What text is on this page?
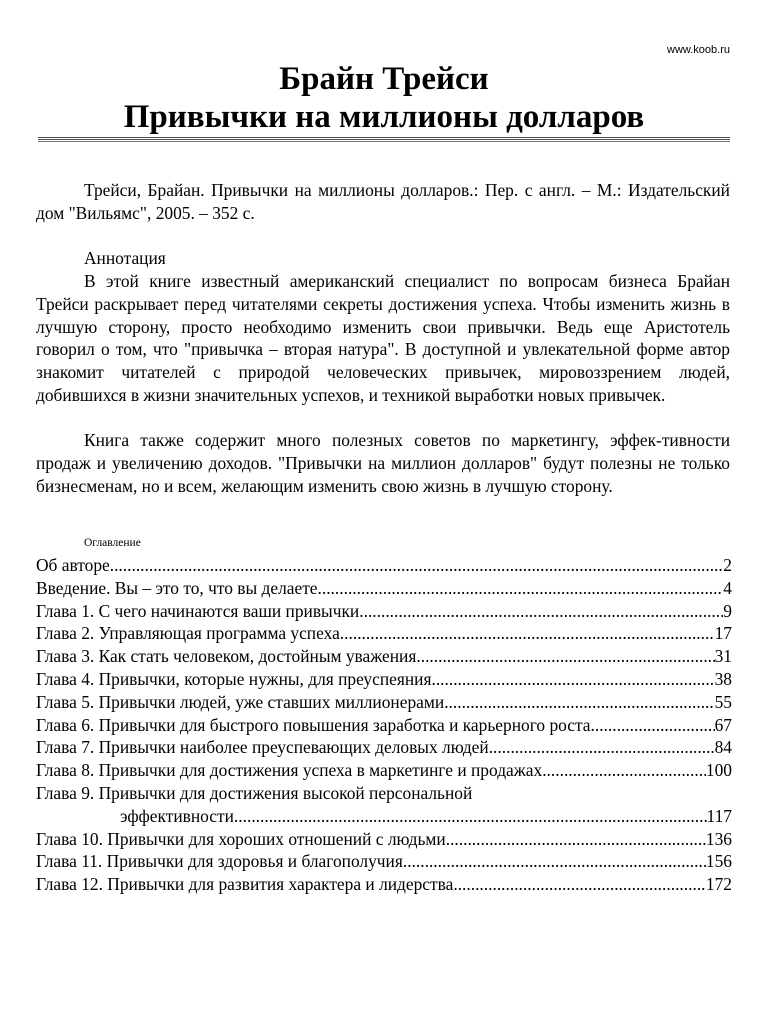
www.koob.ru
Брайн Трейси
Привычки на миллионы долларов
Трейси, Брайан. Привычки на миллионы долларов.: Пер. с англ. – М.: Издательский дом "Вильямс", 2005. – 352 с.
Аннотация
В этой книге известный американский специалист по вопросам бизнеса Брайан Трейси раскрывает перед читателями секреты достижения успеха. Чтобы изменить жизнь в лучшую сторону, просто необходимо изменить свои привычки. Ведь еще Аристотель говорил о том, что "привычка – вторая натура". В доступной и увлекательной форме автор знакомит читателей с природой человеческих привычек, мировоззрением людей, добившихся в жизни значительных успехов, и техникой выработки новых привычек.
Книга также содержит много полезных советов по маркетингу, эффек-тивности продаж и увеличению доходов. "Привычки на миллион долларов" будут полезны не только бизнесменам, но и всем, желающим изменить свою жизнь в лучшую сторону.
Оглавление
Об авторе .....	2
Введение. Вы – это то, что вы делаете .....	4
Глава 1. С чего начинаются ваши привычки .....	9
Глава 2. Управляющая программа успеха .....	17
Глава 3. Как стать человеком, достойным уважения .....	31
Глава 4. Привычки, которые нужны, для преуспеяния .....	38
Глава 5. Привычки людей, уже ставших миллионерами .....	55
Глава 6. Привычки для быстрого повышения заработка и карьерного роста .....	67
Глава 7. Привычки наиболее преуспевающих деловых людей .....	84
Глава 8. Привычки для достижения успеха в маркетинге и продажах .....	100
Глава 9. Привычки для достижения высокой персональной
эффективности .....	117
Глава 10. Привычки для хороших отношений с людьми .....	136
Глава 11. Привычки для здоровья и благополучия .....	156
Глава 12. Привычки для развития характера и лидерства .....	172
